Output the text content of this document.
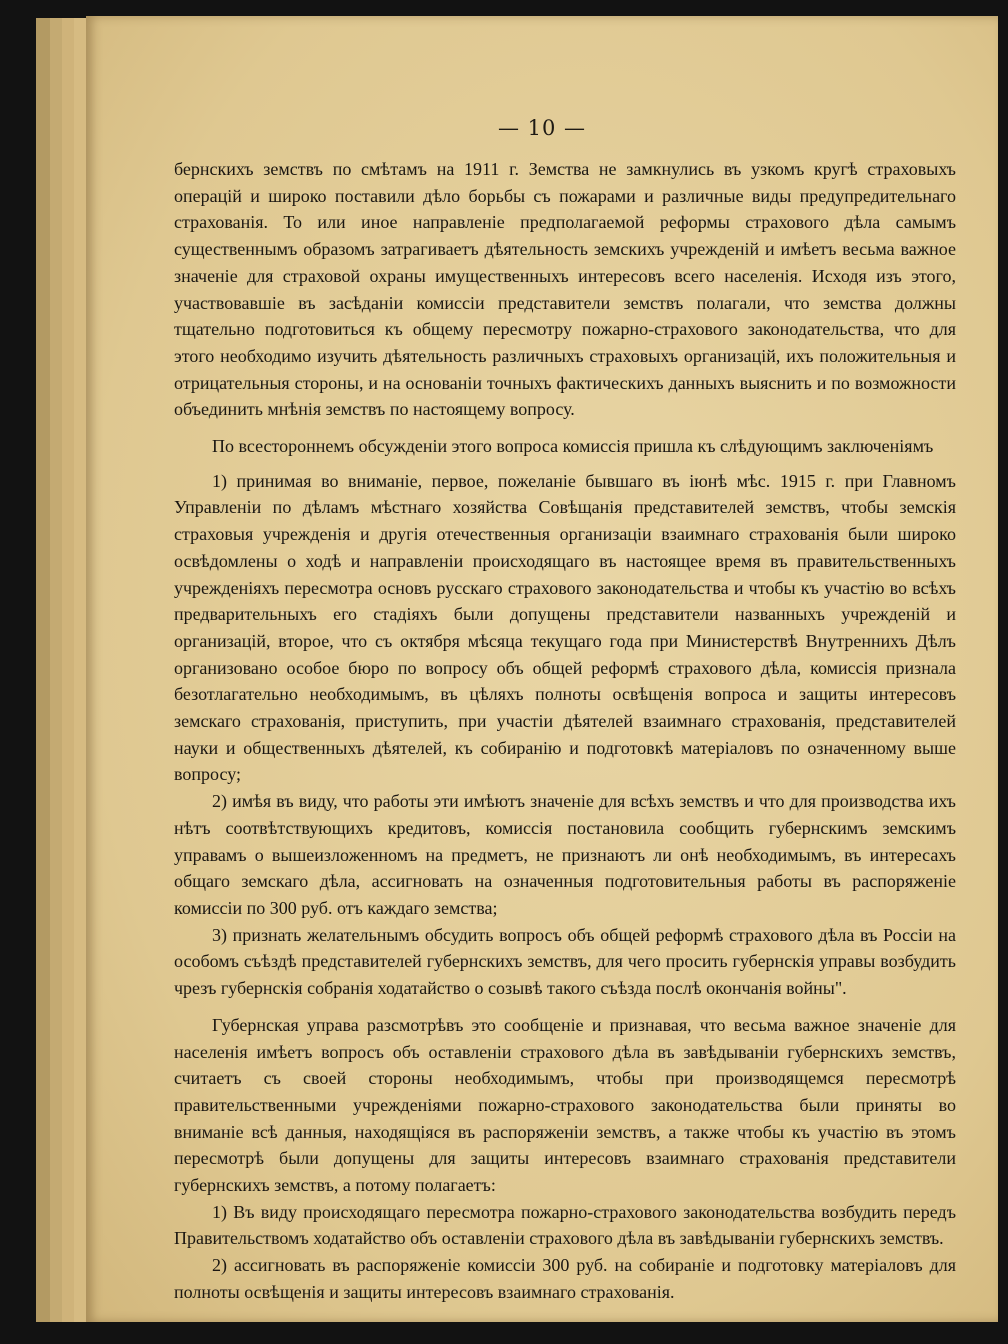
— 10 —

бернскихъ земствъ по смѣтамъ на 1911 г. Земства не замкнулись въ узкомъ кругѣ страховыхъ операцій и широко поставили дѣло борьбы съ пожарами и различные виды предупредительнаго страхованія. То или иное направленіе предполагаемой реформы страхового дѣла самымъ существеннымъ образомъ затрагиваетъ дѣятельность земскихъ учрежденій и имѣетъ весьма важное значеніе для страховой охраны имущественныхъ интересовъ всего населенія. Исходя изъ этого, участвовавшіе въ засѣданіи комиссіи представители земствъ полагали, что земства должны тщательно подготовиться къ общему пересмотру пожарно-страхового законодательства, что для этого необходимо изучить дѣятельность различныхъ страховыхъ организацій, ихъ положительныя и отрицательныя стороны, и на основаніи точныхъ фактическихъ данныхъ выяснить и по возможности объединить мнѣнія земствъ по настоящему вопросу.

По всестороннемъ обсужденіи этого вопроса комиссія пришла къ слѣдующимъ заключеніямъ

1) принимая во вниманіе, первое, пожеланіе бывшаго въ іюнѣ мѣс. 1915 г. при Главномъ Управленіи по дѣламъ мѣстнаго хозяйства Совѣщанія представителей земствъ, чтобы земскія страховыя учрежденія и другія отечественныя организаціи взаимнаго страхованія были широко освѣдомлены о ходѣ и направленіи происходящаго въ настоящее время въ правительственныхъ учрежденіяхъ пересмотра основъ русскаго страхового законодательства и чтобы къ участію во всѣхъ предварительныхъ его стадіяхъ были допущены представители названныхъ учрежденій и организацій, второе, что съ октября мѣсяца текущаго года при Министерствѣ Внутреннихъ Дѣлъ организовано особое бюро по вопросу объ общей реформѣ страхового дѣла, комиссія признала безотлагательно необходимымъ, въ цѣляхъ полноты освѣщенія вопроса и защиты интересовъ земскаго страхованія, приступить, при участіи дѣятелей взаимнаго страхованія, представителей науки и общественныхъ дѣятелей, къ собиранію и подготовкѣ матеріаловъ по означенному выше вопросу;

2) имѣя въ виду, что работы эти имѣютъ значеніе для всѣхъ земствъ и что для производства ихъ нѣтъ соотвѣтствующихъ кредитовъ, комиссія постановила сообщить губернскимъ земскимъ управамъ о вышеизложенномъ на предметъ, не признаютъ ли онѣ необходимымъ, въ интересахъ общаго земскаго дѣла, ассигновать на означенныя подготовительныя работы въ распоряженіе комиссіи по 300 руб. отъ каждаго земства;

3) признать желательнымъ обсудить вопросъ объ общей реформѣ страхового дѣла въ Россіи на особомъ съѣздѣ представителей губернскихъ земствъ, для чего просить губернскія управы возбудить чрезъ губернскія собранія ходатайство о созывѣ такого съѣзда послѣ окончанія войны".

Губернская управа разсмотрѣвъ это сообщеніе и признавая, что весьма важное значеніе для населенія имѣетъ вопросъ объ оставленіи страхового дѣла въ завѣдываніи губернскихъ земствъ, считаетъ съ своей стороны необходимымъ, чтобы при производящемся пересмотрѣ правительственными учрежденіями пожарно-страхового законодательства были приняты во вниманіе всѣ данныя, находящіяся въ распоряженіи земствъ, а также чтобы къ участію въ этомъ пересмотрѣ были допущены для защиты интересовъ взаимнаго страхованія представители губернскихъ земствъ, а потому полагаетъ:

1) Въ виду происходящаго пересмотра пожарно-страхового законодательства возбудить передъ Правительствомъ ходатайство объ оставленіи страхового дѣла въ завѣдываніи губернскихъ земствъ.

2) ассигновать въ распоряженіе комиссіи 300 руб. на собираніе и подготовку матеріаловъ для полноты освѣщенія и защиты интересовъ взаимнаго страхованія.
